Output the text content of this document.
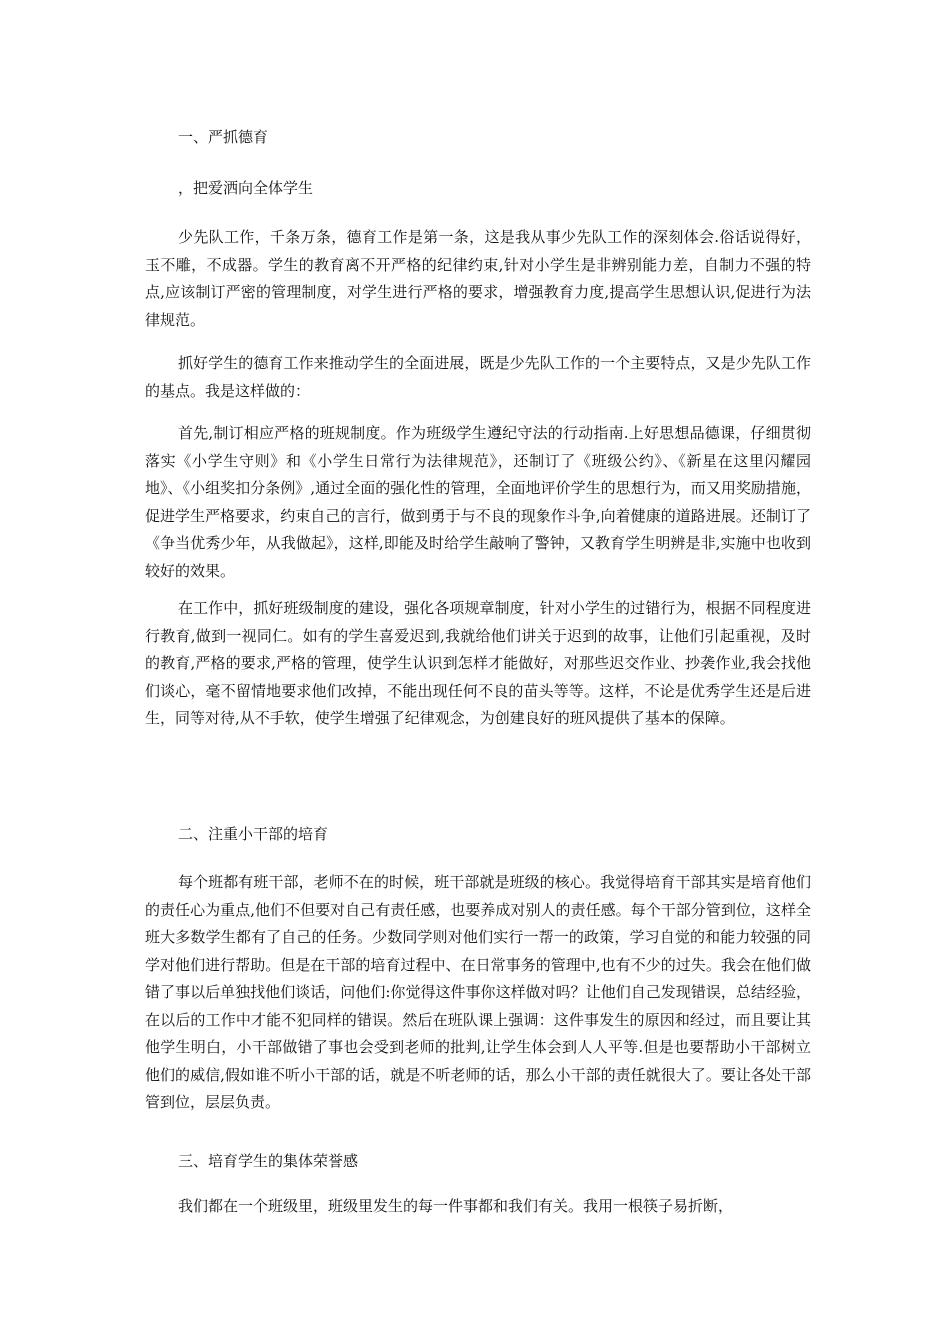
一、严抓德育
，把爱洒向全体学生
少先队工作，千条万条，德育工作是第一条，这是我从事少先队工作的深刻体会.俗话说得好，玉不雕，不成器。学生的教育离不开严格的纪律约束,针对小学生是非辨别能力差，自制力不强的特点,应该制订严密的管理制度，对学生进行严格的要求，增强教育力度,提高学生思想认识,促进行为法律规范。
抓好学生的德育工作来推动学生的全面进展，既是少先队工作的一个主要特点，又是少先队工作的基点。我是这样做的：
首先,制订相应严格的班规制度。作为班级学生遵纪守法的行动指南.上好思想品德课，仔细贯彻落实《小学生守则》和《小学生日常行为法律规范》，还制订了《班级公约》、《新星在这里闪耀园地》、《小组奖扣分条例》,通过全面的强化性的管理，全面地评价学生的思想行为，而又用奖励措施，促进学生严格要求，约束自己的言行，做到勇于与不良的现象作斗争,向着健康的道路进展。还制订了《争当优秀少年，从我做起》，这样,即能及时给学生敲响了警钟，又教育学生明辨是非,实施中也收到较好的效果。
在工作中，抓好班级制度的建设，强化各项规章制度，针对小学生的过错行为，根据不同程度进行教育,做到一视同仁。如有的学生喜爱迟到,我就给他们讲关于迟到的故事，让他们引起重视，及时的教育,严格的要求,严格的管理，使学生认识到怎样才能做好，对那些迟交作业、抄袭作业,我会找他们谈心，毫不留情地要求他们改掉，不能出现任何不良的苗头等等。这样，不论是优秀学生还是后进生，同等对待,从不手软，使学生增强了纪律观念，为创建良好的班风提供了基本的保障。
二、注重小干部的培育
每个班都有班干部，老师不在的时候，班干部就是班级的核心。我觉得培育干部其实是培育他们的责任心为重点,他们不但要对自己有责任感，也要养成对别人的责任感。每个干部分管到位，这样全班大多数学生都有了自己的任务。少数同学则对他们实行一帮一的政策，学习自觉的和能力较强的同学对他们进行帮助。但是在干部的培育过程中、在日常事务的管理中,也有不少的过失。我会在他们做错了事以后单独找他们谈话，问他们:你觉得这件事你这样做对吗？让他们自己发现错误，总结经验，在以后的工作中才能不犯同样的错误。然后在班队课上强调：这件事发生的原因和经过，而且要让其他学生明白，小干部做错了事也会受到老师的批判,让学生体会到人人平等.但是也要帮助小干部树立他们的威信,假如谁不听小干部的话，就是不听老师的话，那么小干部的责任就很大了。要让各处干部管到位，层层负责。
三、培育学生的集体荣誉感
我们都在一个班级里，班级里发生的每一件事都和我们有关。我用一根筷子易折断，
